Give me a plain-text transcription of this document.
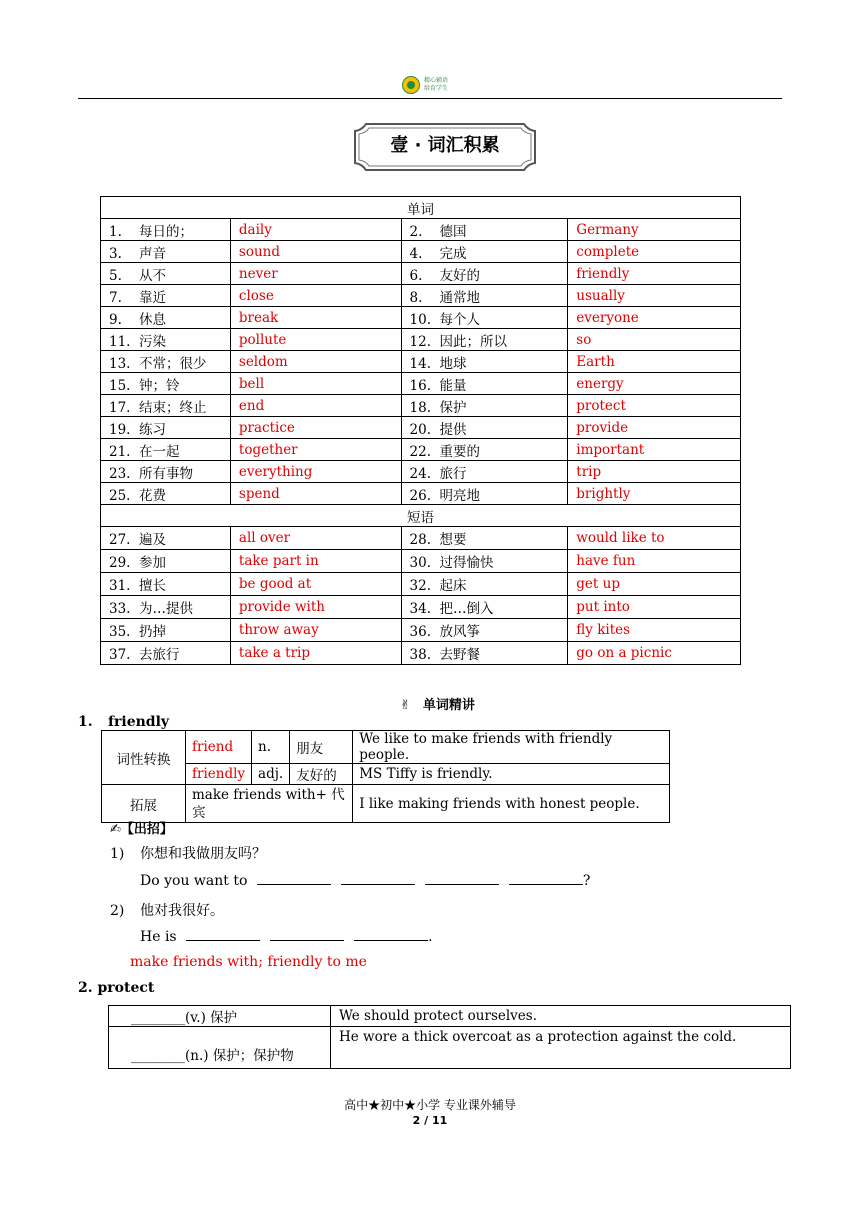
精心辅语
给育学生
壹 · 词汇积累
单词			
1. 每日的；	daily	2. 德国	Germany
3. 声音	sound	4. 完成	complete
5. 从不	never	6. 友好的	friendly
7. 靠近	close	8. 通常地	usually
9. 休息	break	10. 每个人	everyone
11. 污染	pollute	12. 因此；所以	so
13. 不常；很少	seldom	14. 地球	Earth
15. 钟；铃	bell	16. 能量	energy
17. 结束；终止	end	18. 保护	protect
19. 练习	practice	20. 提供	provide
21. 在一起	together	22. 重要的	important
23. 所有事物	everything	24. 旅行	trip
25. 花费	spend	26. 明亮地	brightly
短语			
27. 遍及	all over	28. 想要	would like to
29. 参加	take part in	30. 过得愉快	have fun
31. 擅长	be good at	32. 起床	get up
33. 为…提供	provide with	34. 把…倒入	put into
35. 扔掉	throw away	36. 放风筝	fly kites
37. 去旅行	take a trip	38. 去野餐	go on a picnic
✌ 单词精讲
1. friendly
词性转换	friend	n.	朋友	We like to make friends with friendly people.
	friendly	adj.	友好的	MS Tiffy is friendly.
拓展	make friends with+ 代宾			I like making friends with honest people.
✍【出招】
1) 你想和我做朋友吗？
Do you want to	?
2) 他对我很好。
He is	.
make friends with; friendly to me
2. protect
________(v.) 保护	We should protect ourselves.
________(n.) 保护；保护物	He wore a thick overcoat as a protection against the cold.
高中★初中★小学 专业课外辅导
2 / 11
